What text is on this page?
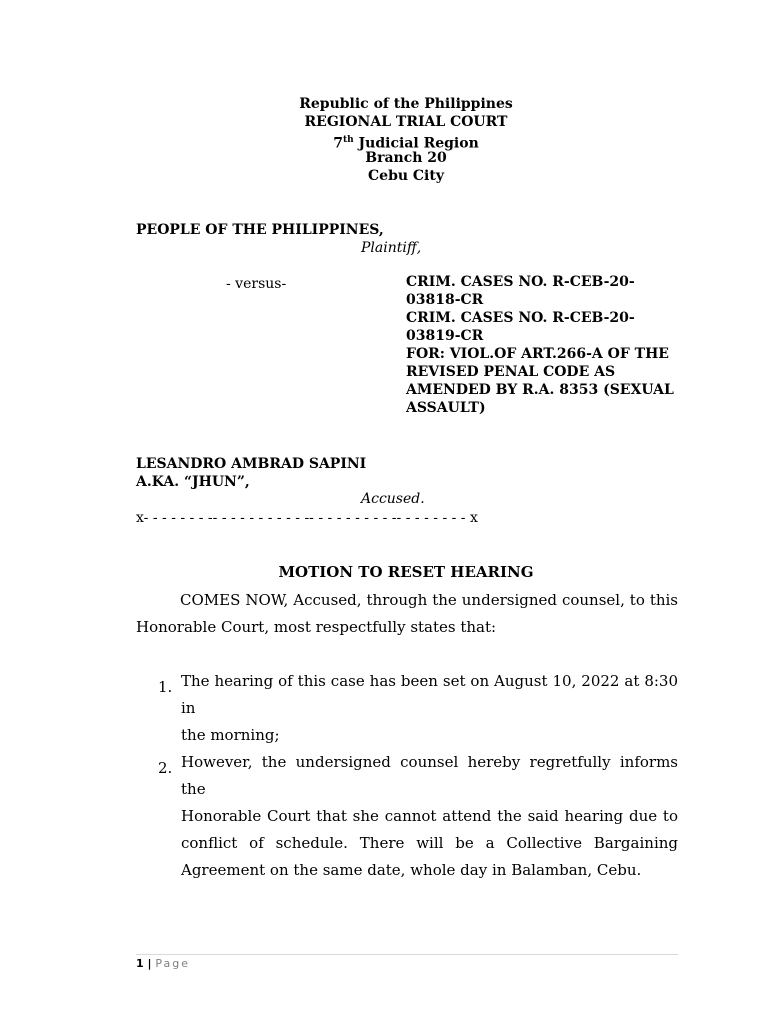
Republic of the Philippines
REGIONAL TRIAL COURT
7th Judicial Region
Branch 20
Cebu City
PEOPLE OF THE PHILIPPINES,
Plaintiff,
- versus-	CRIM. CASES NO. R-CEB-20-
03818-CR
CRIM. CASES NO. R-CEB-20-
03819-CR
FOR: VIOL.OF ART.266-A OF THE
REVISED PENAL CODE AS
AMENDED BY R.A. 8353 (SEXUAL
ASSAULT)
LESANDRO AMBRAD SAPINI
A.KA. “JHUN”,
Accused.
x- - - - - - - -- - - - - - - - - - -- - - - - - - - - -- - - - - - - - x
MOTION TO RESET HEARING
COMES NOW, Accused, through the undersigned counsel, to this
Honorable Court, most respectfully states that:
1. The hearing of this case has been set on August 10, 2022 at 8:30 in
the morning;
2. However, the undersigned counsel hereby regretfully informs the
Honorable Court that she cannot attend the said hearing due to
conflict of schedule. There will be a Collective Bargaining
Agreement on the same date, whole day in Balamban, Cebu.
1 | Page
